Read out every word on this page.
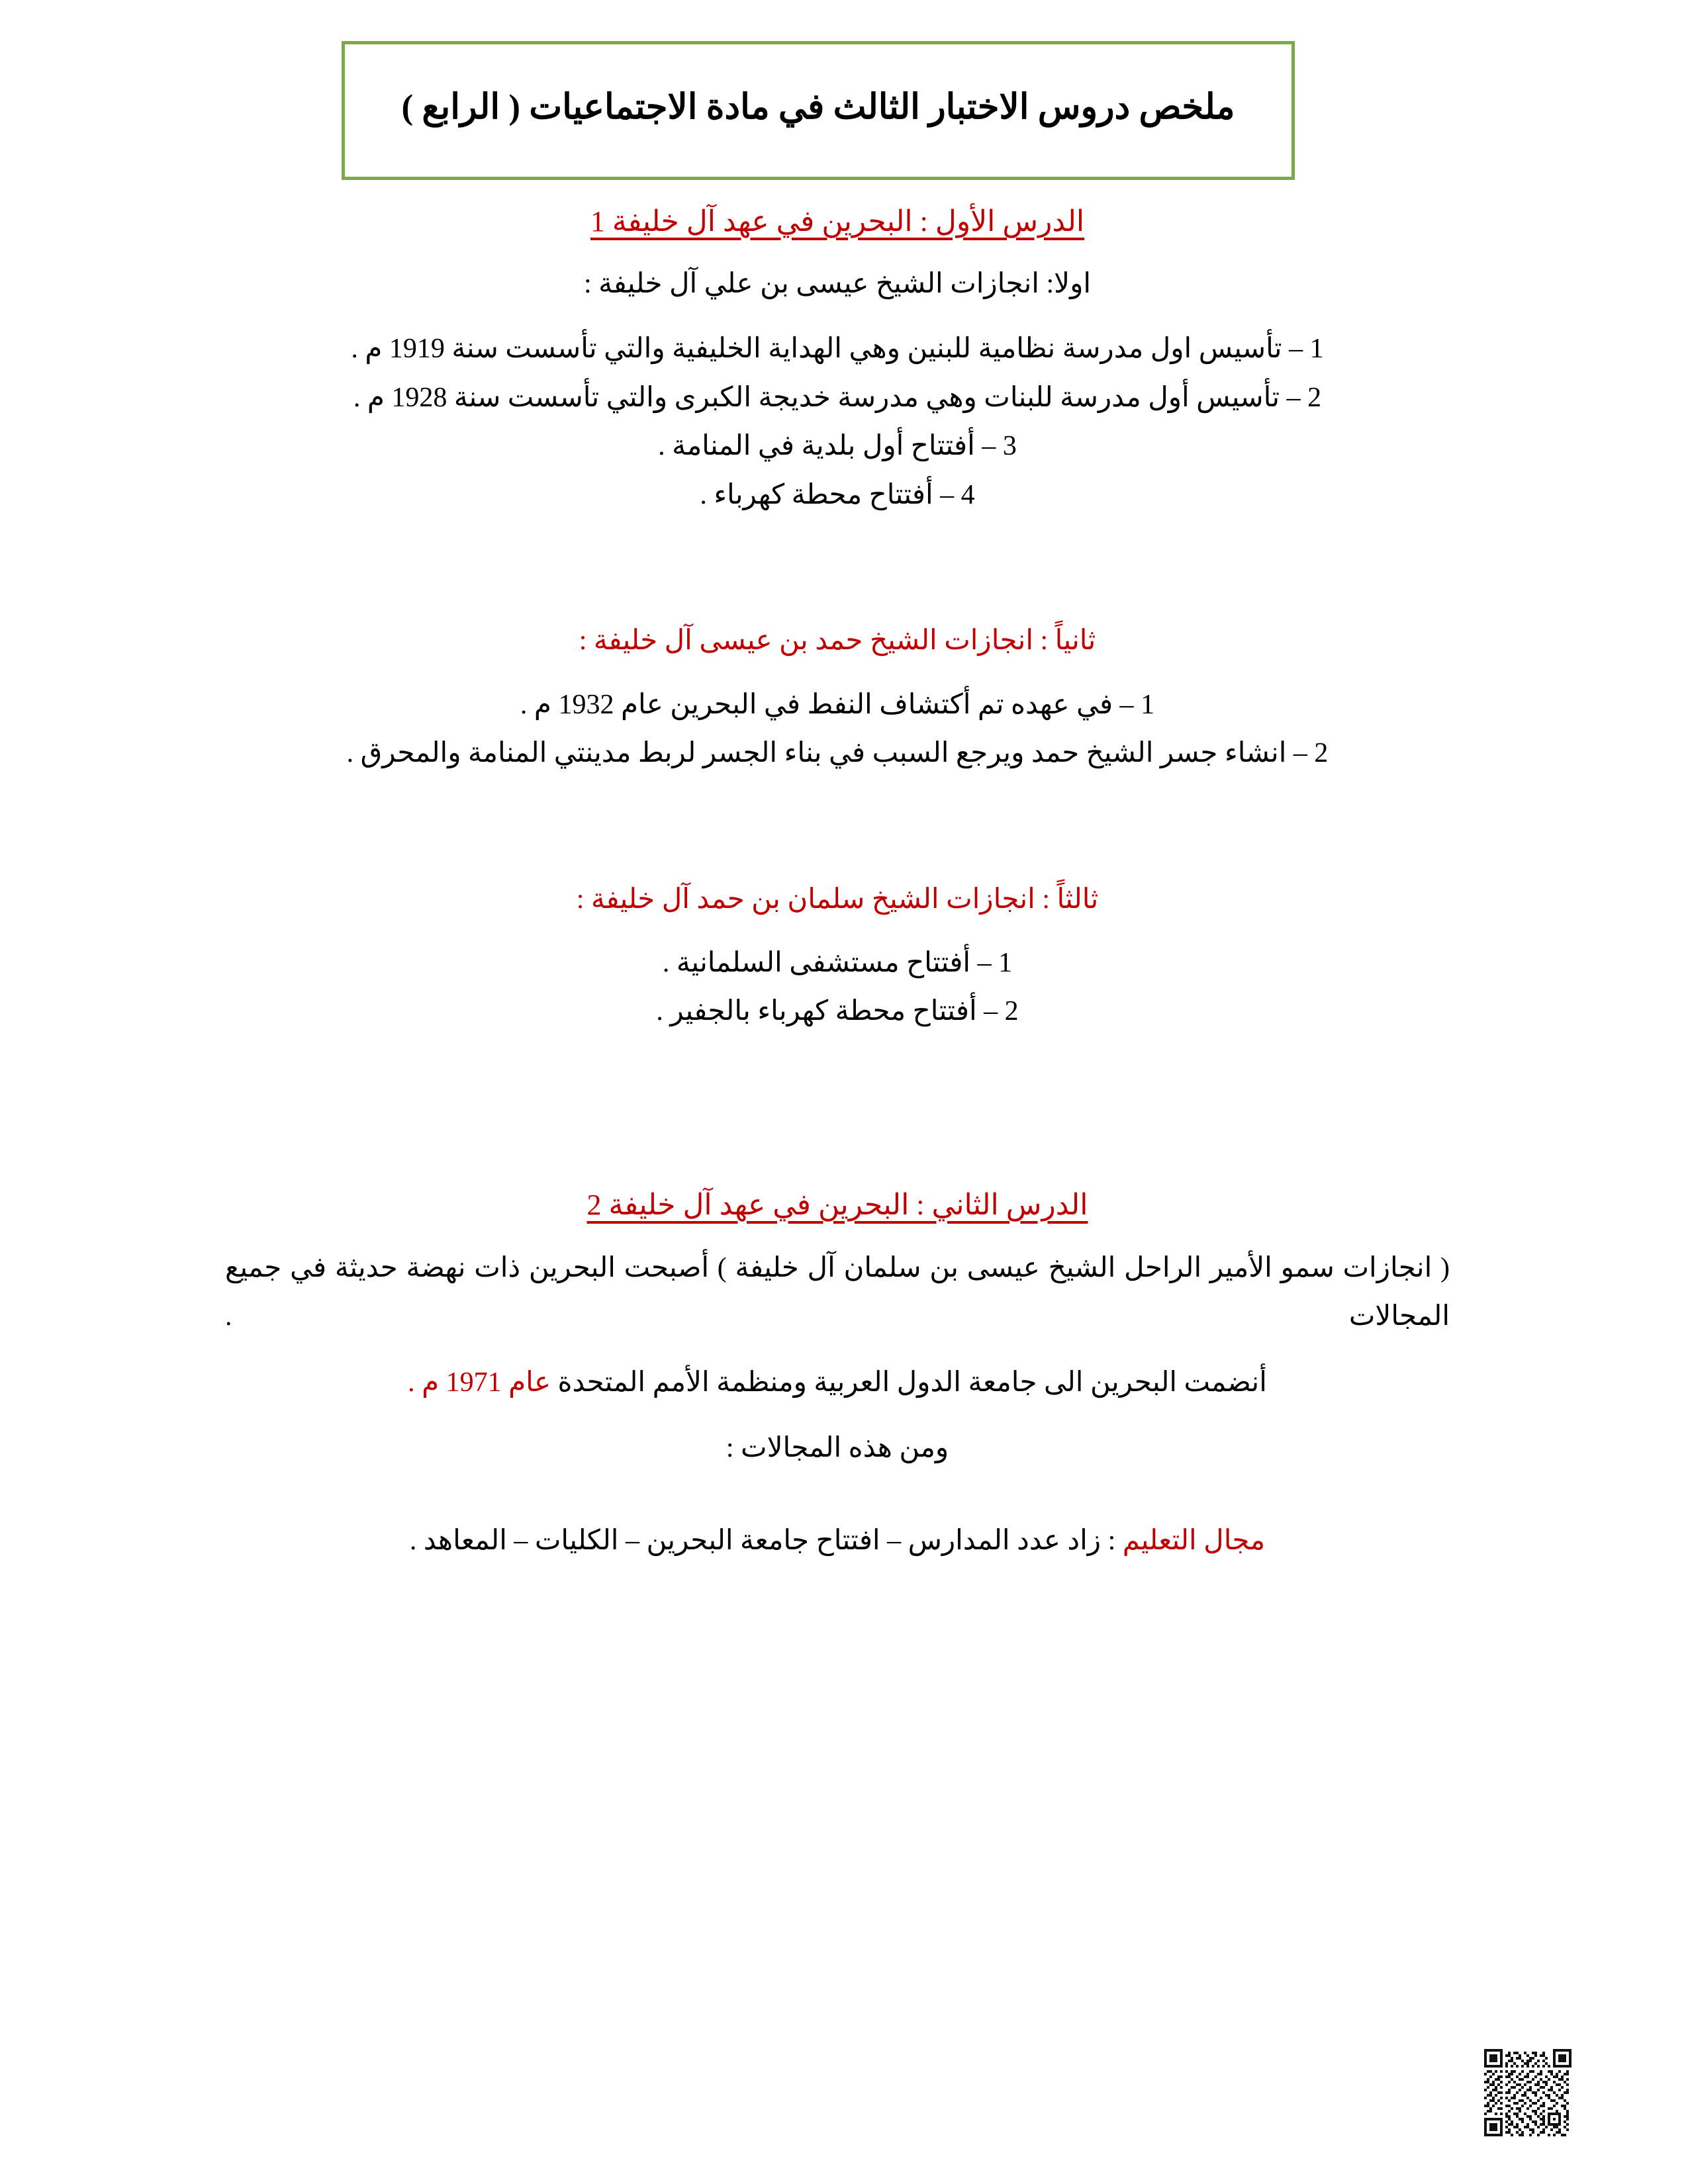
ملخص دروس الاختبار الثالث في مادة الاجتماعيات ( الرابع )
الدرس الأول : البحرين في عهد آل خليفة 1
اولا: انجازات الشيخ عيسى بن علي آل خليفة :
1 – تأسيس اول مدرسة نظامية للبنين وهي الهداية الخليفية والتي تأسست سنة 1919 م .
2 – تأسيس أول مدرسة للبنات وهي مدرسة خديجة الكبرى والتي تأسست سنة 1928 م .
3 – أفتتاح أول بلدية في المنامة .
4 – أفتتاح محطة كهرباء .
ثانياً : انجازات الشيخ حمد بن عيسى آل خليفة :
1 – في عهده تم أكتشاف النفط في البحرين عام 1932 م .
2 – انشاء جسر الشيخ حمد ويرجع السبب في بناء الجسر لربط مدينتي المنامة والمحرق .
ثالثاً : انجازات الشيخ سلمان بن حمد آل خليفة :
1 – أفتتاح مستشفى السلمانية .
2 – أفتتاح محطة كهرباء بالجفير .
الدرس الثاني : البحرين في عهد آل خليفة 2
( انجازات سمو الأمير الراحل الشيخ عيسى بن سلمان آل خليفة ) أصبحت البحرين ذات نهضة حديثة في جميع المجالات .
أنضمت البحرين الى جامعة الدول العربية ومنظمة الأمم المتحدة عام 1971 م .
ومن هذه المجالات :
مجال التعليم : زاد عدد المدارس – افتتاح جامعة البحرين – الكليات – المعاهد .
